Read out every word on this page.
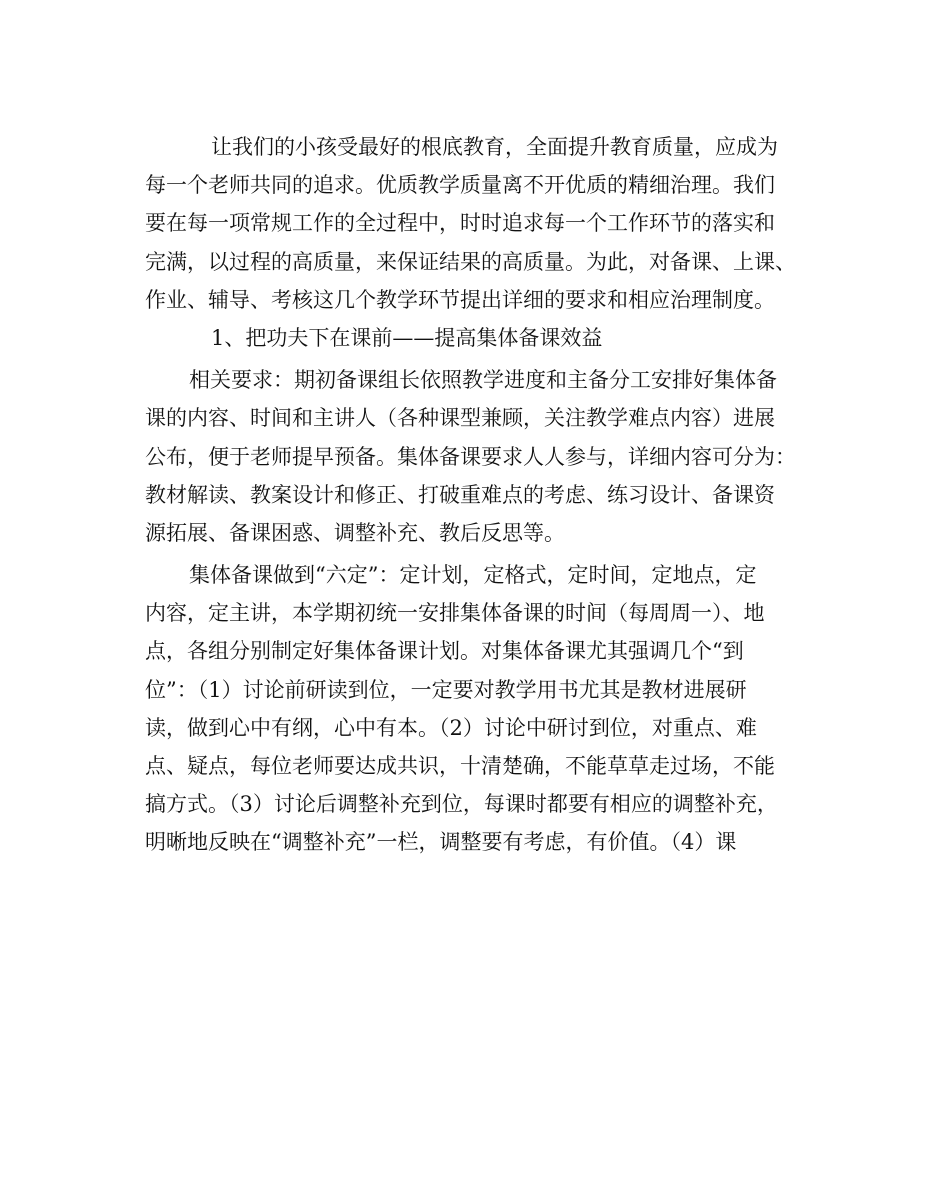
让我们的小孩受最好的根底教育，全面提升教育质量，应成为
每一个老师共同的追求。优质教学质量离不开优质的精细治理。我们
要在每一项常规工作的全过程中，时时追求每一个工作环节的落实和
完满，以过程的高质量，来保证结果的高质量。为此，对备课、上课、
作业、辅导、考核这几个教学环节提出详细的要求和相应治理制度。
1、把功夫下在课前——提高集体备课效益
相关要求：期初备课组长依照教学进度和主备分工安排好集体备
课的内容、时间和主讲人（各种课型兼顾，关注教学难点内容）进展
公布，便于老师提早预备。集体备课要求人人参与，详细内容可分为：
教材解读、教案设计和修正、打破重难点的考虑、练习设计、备课资
源拓展、备课困惑、调整补充、教后反思等。
集体备课做到“六定”：定计划，定格式，定时间，定地点，定
内容，定主讲，本学期初统一安排集体备课的时间（每周周一）、地
点，各组分别制定好集体备课计划。对集体备课尤其强调几个“到
位”：（1）讨论前研读到位，一定要对教学用书尤其是教材进展研
读，做到心中有纲，心中有本。（2）讨论中研讨到位，对重点、难
点、疑点，每位老师要达成共识，十清楚确，不能草草走过场，不能
搞方式。（3）讨论后调整补充到位，每课时都要有相应的调整补充，
明晰地反映在“调整补充”一栏，调整要有考虑，有价值。（4）课
